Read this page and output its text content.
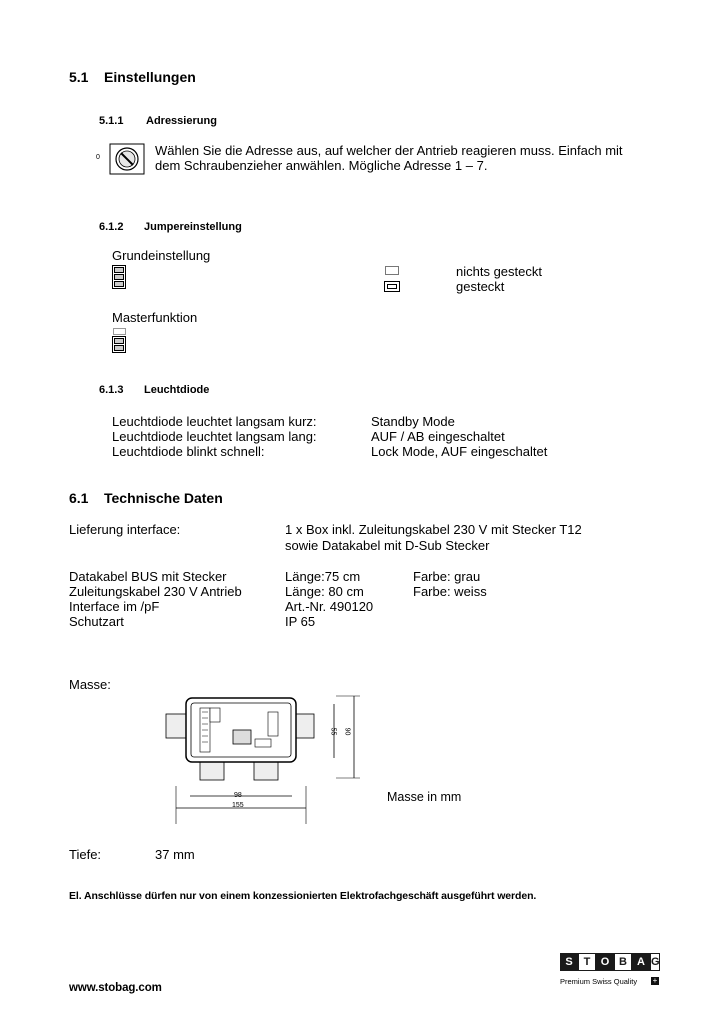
5.1 Einstellungen
5.1.1 Adressierung
0	Wählen Sie die Adresse aus, auf welcher der Antrieb reagieren muss. Einfach mit
dem Schraubenzieher anwählen. Mögliche Adresse 1 – 7.
6.1.2 Jumpereinstellung
Grundeinstellung
nichts gesteckt
gesteckt
Masterfunktion
6.1.3 Leuchtdiode
Leuchtdiode leuchtet langsam kurz:	Standby Mode
Leuchtdiode leuchtet langsam lang:	AUF / AB eingeschaltet
Leuchtdiode blinkt schnell:	Lock Mode, AUF eingeschaltet
6.1 Technische Daten
Lieferung interface:	1 x Box inkl. Zuleitungskabel 230 V mit Stecker T12
sowie Datakabel mit D-Sub Stecker
Datakabel BUS mit Stecker	Länge:75 cm	Farbe: grau
Zuleitungskabel 230 V Antrieb	Länge: 80 cm	Farbe: weiss
Interface im /pF	Art.-Nr. 490120
Schutzart	IP 65
Masse:
98
155
55 90
Masse in mm
Tiefe:	37 mm
El. Anschlüsse dürfen nur von einem konzessionierten Elektrofachgeschäft ausgeführt werden.
www.stobag.com
S T O B A G
Premium Swiss Quality +
